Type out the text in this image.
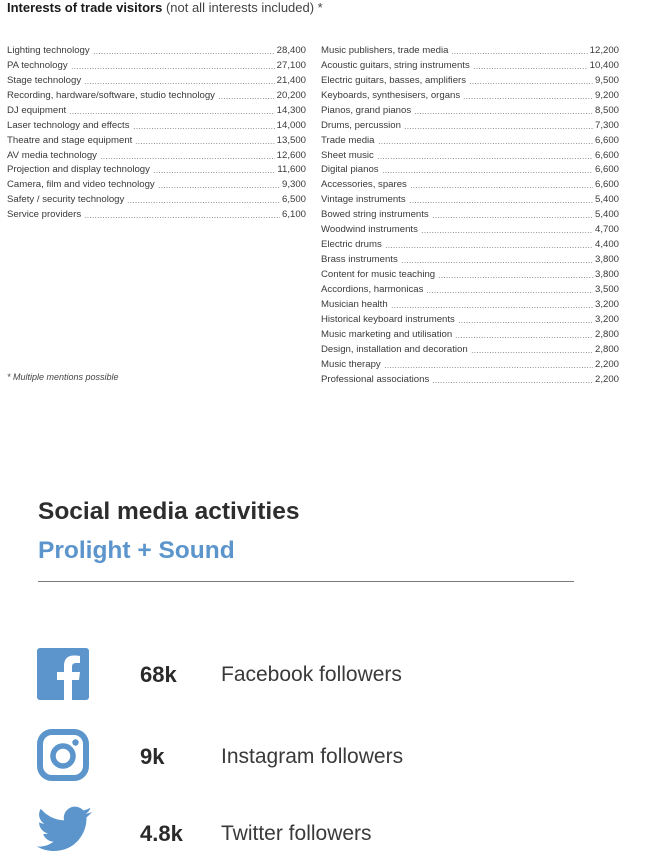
Interests of trade visitors (not all interests included) *
Lighting technology	28,400
PA technology	27,100
Stage technology	21,400
Recording, hardware/software, studio technology	20,200
DJ equipment	14,300
Laser technology and effects	14,000
Theatre and stage equipment	13,500
AV media technology	12,600
Projection and display technology	11,600
Camera, film and video technology	9,300
Safety / security technology	6,500
Service providers	6,100
Music publishers, trade media	12,200
Acoustic guitars, string instruments	10,400
Electric guitars, basses, amplifiers	9,500
Keyboards, synthesisers, organs	9,200
Pianos, grand pianos	8,500
Drums, percussion	7,300
Trade media	6,600
Sheet music	6,600
Digital pianos	6,600
Accessories, spares	6,600
Vintage instruments	5,400
Bowed string instruments	5,400
Woodwind instruments	4,700
Electric drums	4,400
Brass instruments	3,800
Content for music teaching	3,800
Accordions, harmonicas	3,500
Musician health	3,200
Historical keyboard instruments	3,200
Music marketing and utilisation	2,800
Design, installation and decoration	2,800
Music therapy	2,200
Professional associations	2,200
* Multiple mentions possible
Social media activities
Prolight + Sound
68k Facebook followers
9k	Instagram followers
4.8k Twitter followers
